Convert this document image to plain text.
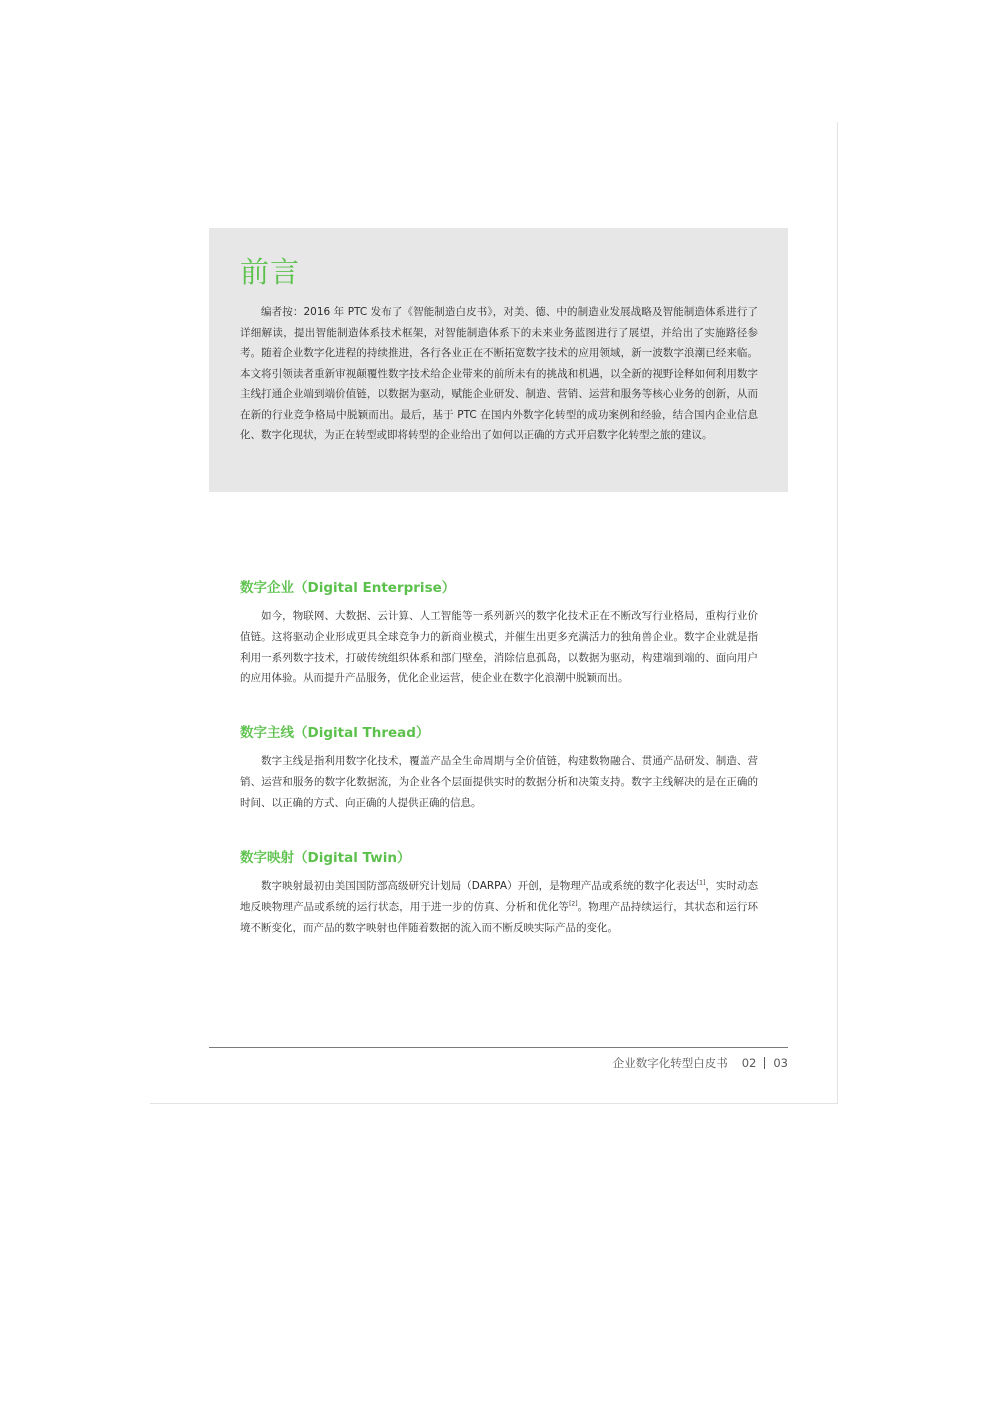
前言

编者按：2016 年 PTC 发布了《智能制造白皮书》，对美、德、中的制造业发展战略及智能制造体系进行了详细解读，提出智能制造体系技术框架，对智能制造体系下的未来业务蓝图进行了展望，并给出了实施路径参考。随着企业数字化进程的持续推进，各行各业正在不断拓宽数字技术的应用领域，新一波数字浪潮已经来临。本文将引领读者重新审视颠覆性数字技术给企业带来的前所未有的挑战和机遇，以全新的视野诠释如何利用数字主线打通企业端到端价值链，以数据为驱动，赋能企业研发、制造、营销、运营和服务等核心业务的创新，从而在新的行业竞争格局中脱颖而出。最后，基于 PTC 在国内外数字化转型的成功案例和经验，结合国内企业信息化、数字化现状，为正在转型或即将转型的企业给出了如何以正确的方式开启数字化转型之旅的建议。

数字企业（Digital Enterprise）

如今，物联网、大数据、云计算、人工智能等一系列新兴的数字化技术正在不断改写行业格局，重构行业价值链。这将驱动企业形成更具全球竞争力的新商业模式，并催生出更多充满活力的独角兽企业。数字企业就是指利用一系列数字技术，打破传统组织体系和部门壁垒，消除信息孤岛，以数据为驱动，构建端到端的、面向用户的应用体验。从而提升产品服务，优化企业运营，使企业在数字化浪潮中脱颖而出。

数字主线（Digital Thread）

数字主线是指利用数字化技术，覆盖产品全生命周期与全价值链，构建数物融合、贯通产品研发、制造、营销、运营和服务的数字化数据流，为企业各个层面提供实时的数据分析和决策支持。数字主线解决的是在正确的时间、以正确的方式、向正确的人提供正确的信息。

数字映射（Digital Twin）

数字映射最初由美国国防部高级研究计划局（DARPA）开创，是物理产品或系统的数字化表达[1]，实时动态地反映物理产品或系统的运行状态，用于进一步的仿真、分析和优化等[2]。物理产品持续运行，其状态和运行环境不断变化，而产品的数字映射也伴随着数据的流入而不断反映实际产品的变化。

企业数字化转型白皮书 02 03
